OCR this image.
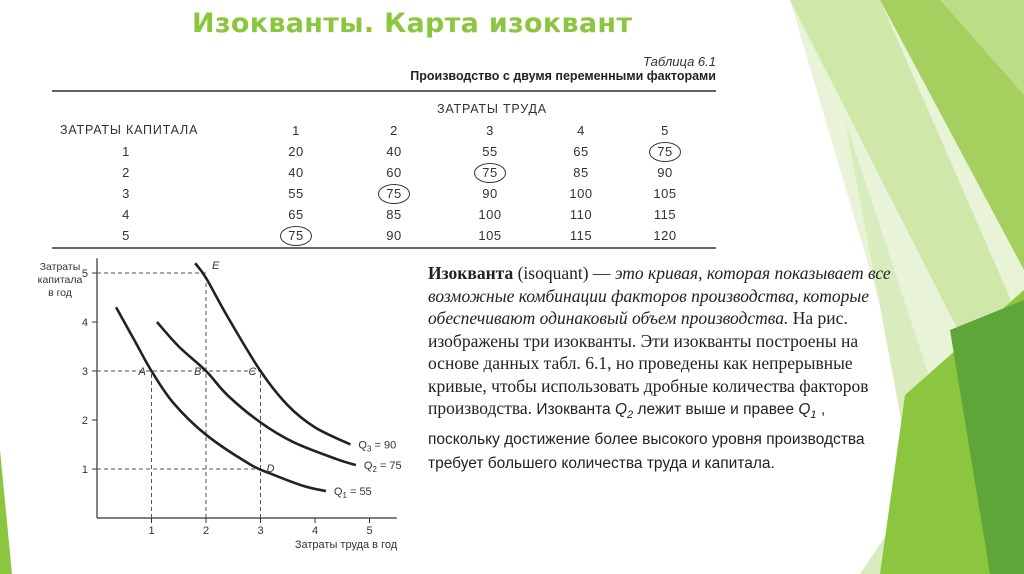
Изокванты. Карта изоквант
Таблица 6.1
Производство с двумя переменными факторами
ЗАТРАТЫ ТРУДА
ЗАТРАТЫ КАПИТАЛА	1	2	3	4	5
1	20	40	55	65	75
2	40	60	75	85	90
3	55	75	90	100	105
4	65	85	100	110	115
5	75	90	105	115	120
1	2	3	4	5
1
2
3
4
5
Затраты
капитала
в год
Затраты труда в год
$Q_1 = 55$
$Q_2 = 75$
$Q_3 = 90$
A	B	C
D
E	Изокванта (isoquant) — это кривая, которая показывает все возможные комбинации факторов производства, которые обеспечивают одинаковый объем производства. На рис. изображены три изокванты. Эти изокванты построены на основе данных табл. 6.1, но проведены как непрерывные кривые, чтобы использовать дробные количества факторов производства. Изокванта $Q_2$ лежит выше и правее $Q_1$ , поскольку достижение более высокого уровня производства требует большего количества труда и капитала.
